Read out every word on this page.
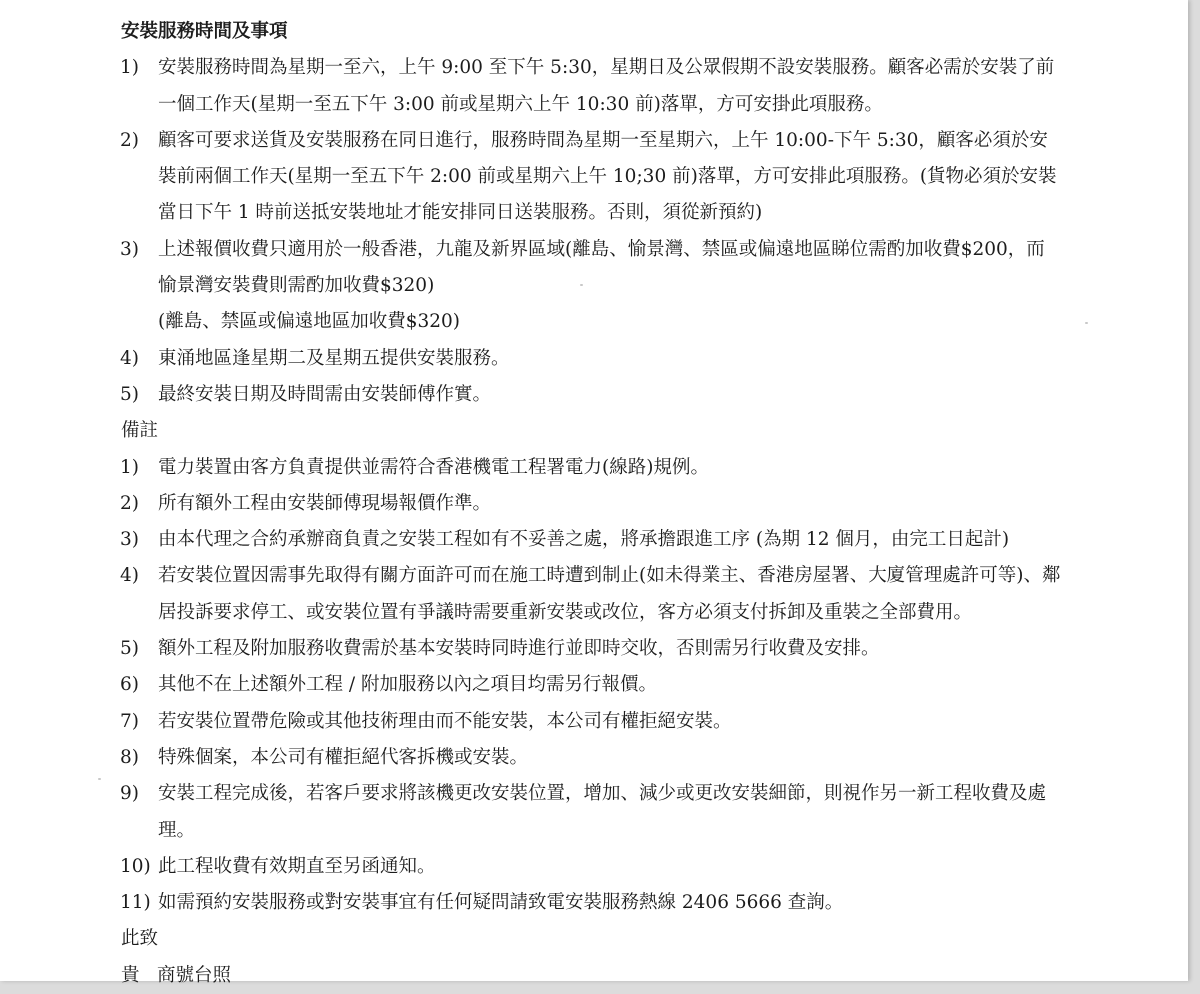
安裝服務時間及事項
1) 安裝服務時間為星期一至六，上午 9:00 至下午 5:30，星期日及公眾假期不設安裝服務。顧客必需於安裝了前
一個工作天(星期一至五下午 3:00 前或星期六上午 10:30 前)落單，方可安掛此項服務。
2) 顧客可要求送貨及安裝服務在同日進行，服務時間為星期一至星期六，上午 10:00-下午 5:30，顧客必須於安
裝前兩個工作天(星期一至五下午 2:00 前或星期六上午 10;30 前)落單，方可安排此項服務。(貨物必須於安裝
當日下午 1 時前送抵安裝地址才能安排同日送裝服務。否則，須從新預約)
3) 上述報價收費只適用於一般香港，九龍及新界區域(離島、愉景灣、禁區或偏遠地區睇位需酌加收費$200，而
愉景灣安裝費則需酌加收費$320)
(離島、禁區或偏遠地區加收費$320)
4) 東涌地區逢星期二及星期五提供安裝服務。
5) 最終安裝日期及時間需由安裝師傅作實。
備註
1) 電力裝置由客方負責提供並需符合香港機電工程署電力(線路)規例。
2) 所有額外工程由安裝師傅現場報價作準。
3) 由本代理之合約承辦商負責之安裝工程如有不妥善之處，將承擔跟進工序 (為期 12 個月，由完工日起計)
4) 若安裝位置因需事先取得有關方面許可而在施工時遭到制止(如未得業主、香港房屋署、大廈管理處許可等)、鄰
居投訴要求停工、或安裝位置有爭議時需要重新安裝或改位，客方必須支付拆卸及重裝之全部費用。
5) 額外工程及附加服務收費需於基本安裝時同時進行並即時交收，否則需另行收費及安排。
6) 其他不在上述額外工程 / 附加服務以內之項目均需另行報價。
7) 若安裝位置帶危險或其他技術理由而不能安裝，本公司有權拒絕安裝。
8) 特殊個案，本公司有權拒絕代客拆機或安裝。
9) 安裝工程完成後，若客戶要求將該機更改安裝位置，增加、減少或更改安裝細節，則視作另一新工程收費及處
理。
10) 此工程收費有效期直至另函通知。
11) 如需預約安裝服務或對安裝事宜有任何疑問請致電安裝服務熱線 2406 5666 查詢。
此致
貴 商號台照
